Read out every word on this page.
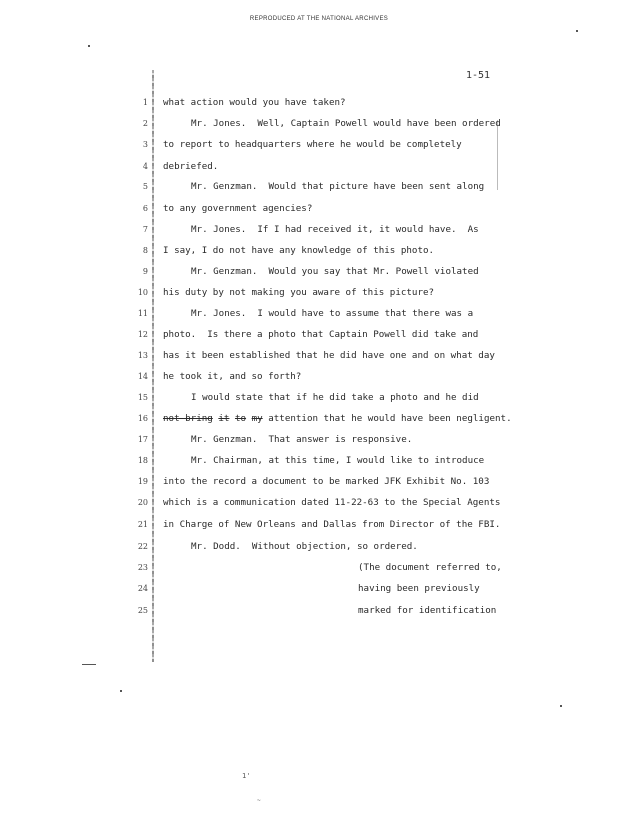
REPRODUCED AT THE NATIONAL ARCHIVES
1-51
1
2
3
4
5
6
7
8
9
10
11
12
13
14
15
16
17
18
19
20
21
22
23
24
25
what action would you have taken?
Mr. Jones.  Well, Captain Powell would have been ordered
to report to headquarters where he would be completely
debriefed.
Mr. Genzman.  Would that picture have been sent along
to any government agencies?
Mr. Jones.  If I had received it, it would have.  As
I say, I do not have any knowledge of this photo.
Mr. Genzman.  Would you say that Mr. Powell violated
his duty by not making you aware of this picture?
Mr. Jones.  I would have to assume that there was a
photo.  Is there a photo that Captain Powell did take and
has it been established that he did have one and on what day
he took it, and so forth?
I would state that if he did take a photo and he did
not bring it to my attention that he would have been negligent.
Mr. Genzman.  That answer is responsive.
Mr. Chairman, at this time, I would like to introduce
into the record a document to be marked JFK Exhibit No. 103
which is a communication dated 11-22-63 to the Special Agents
in Charge of New Orleans and Dallas from Director of the FBI.
Mr. Dodd.  Without objection, so ordered.
(The document referred to,
having been previously
marked for identification
1'
~
